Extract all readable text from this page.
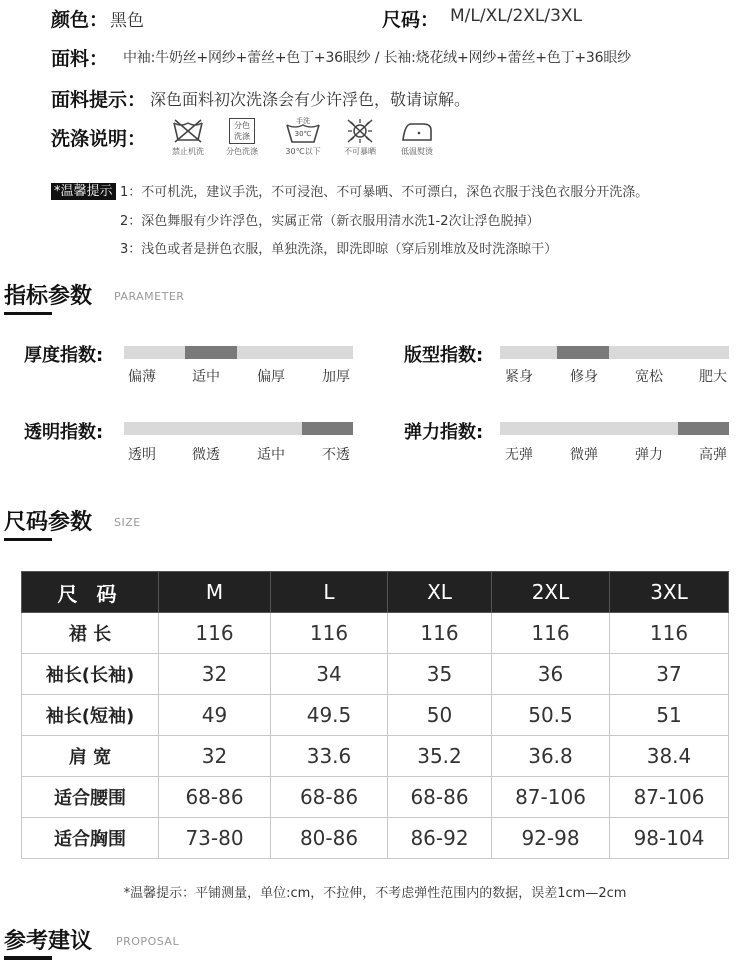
颜色： 黑色	尺码： M/L/XL/2XL/3XL
面料： 中袖:牛奶丝+网纱+蕾丝+色丁+36眼纱 / 长袖:烧花绒+网纱+蕾丝+色丁+36眼纱
面料提示： 深色面料初次洗涤会有少许浮色，敬请谅解。
洗涤说明：
禁止机洗
分色
洗涤
分色洗涤
手洗
30℃
30℃以下	不可暴晒	低温熨烫
*温馨提示 1：不可机洗，建议手洗，不可浸泡、不可暴晒、不可漂白，深色衣服于浅色衣服分开洗涤。
2：深色舞服有少许浮色，实属正常（新衣服用清水洗1-2次让浮色脱掉）
3：浅色或者是拼色衣服，单独洗涤，即洗即晾（穿后别堆放及时洗涤晾干）
指标参数 PARAMETER
厚度指数:
偏薄	适中	偏厚	加厚
版型指数:
紧身	修身	宽松	肥大
透明指数:
透明	微透	适中	不透
弹力指数:
无弹	微弹	弹力	高弹
尺码参数 SIZE
尺 码	M	L	XL	2XL	3XL
裙 长	116	116	116	116	116
袖长(长袖)	32	34	35	36	37
袖长(短袖)	49	49.5	50	50.5	51
肩 宽	32	33.6	35.2	36.8	38.4
适合腰围	68-86	68-86	68-86	87-106	87-106
适合胸围	73-80	80-86	86-92	92-98	98-104
*温馨提示：平铺测量，单位:cm，不拉伸，不考虑弹性范围内的数据，误差1cm—2cm
参考建议 PROPOSAL
